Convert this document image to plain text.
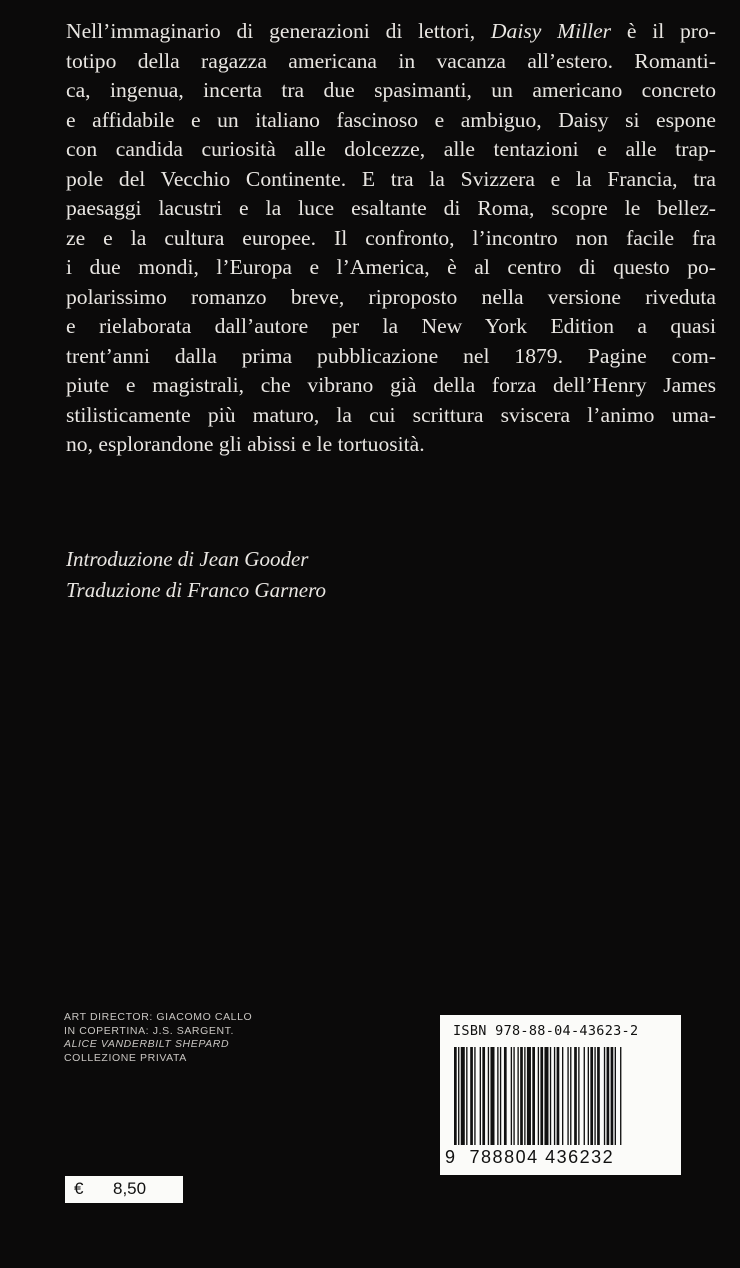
Nell’immaginario di generazioni di lettori, Daisy Miller è il pro-
totipo della ragazza americana in vacanza all’estero. Romanti-
ca, ingenua, incerta tra due spasimanti, un americano concreto
e affidabile e un italiano fascinoso e ambiguo, Daisy si espone
con candida curiosità alle dolcezze, alle tentazioni e alle trap-
pole del Vecchio Continente. E tra la Svizzera e la Francia, tra
paesaggi lacustri e la luce esaltante di Roma, scopre le bellez-
ze e la cultura europee. Il confronto, l’incontro non facile fra
i due mondi, l’Europa e l’America, è al centro di questo po-
polarissimo romanzo breve, riproposto nella versione riveduta
e rielaborata dall’autore per la New York Edition a quasi
trent’anni dalla prima pubblicazione nel 1879. Pagine com-
piute e magistrali, che vibrano già della forza dell’Henry James
stilisticamente più maturo, la cui scrittura sviscera l’animo uma-
no, esplorandone gli abissi e le tortuosità.
Introduzione di Jean Gooder
Traduzione di Franco Garnero
ART DIRECTOR: GIACOMO CALLO
IN COPERTINA: J.S. SARGENT.
ALICE VANDERBILT SHEPARD
COLLEZIONE PRIVATA
ISBN 978-88-04-43623-2
9 788804 436232
€ 8,50
